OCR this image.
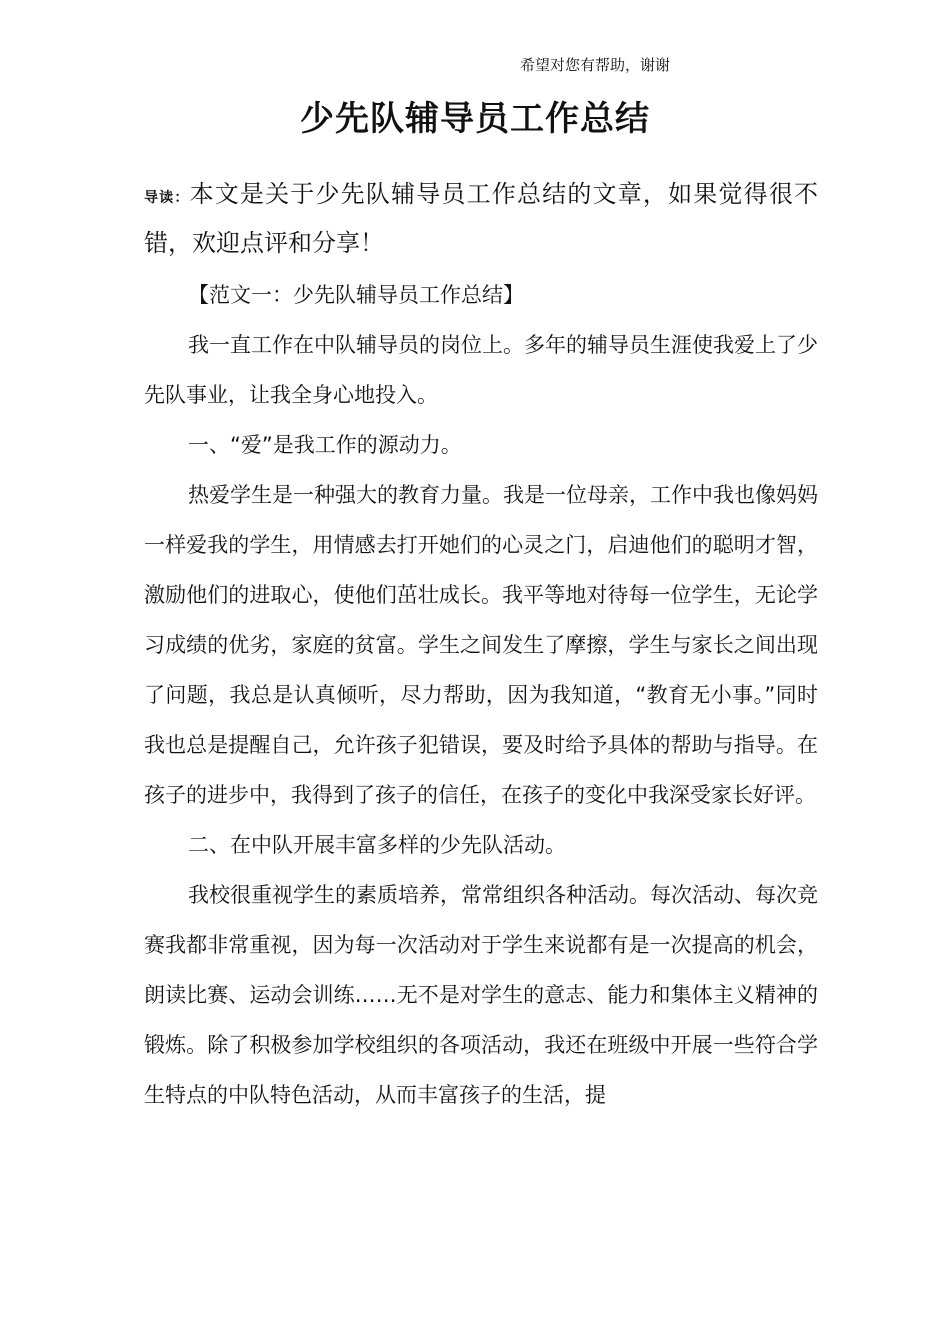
希望对您有帮助，谢谢
少先队辅导员工作总结

导读：本文是关于少先队辅导员工作总结的文章，如果觉得很不错，欢迎点评和分享！

【范文一：少先队辅导员工作总结】

我一直工作在中队辅导员的岗位上。多年的辅导员生涯使我爱上了少先队事业，让我全身心地投入。

一、“爱”是我工作的源动力。

热爱学生是一种强大的教育力量。我是一位母亲，工作中我也像妈妈一样爱我的学生，用情感去打开她们的心灵之门，启迪他们的聪明才智，激励他们的进取心，使他们茁壮成长。我平等地对待每一位学生，无论学习成绩的优劣，家庭的贫富。学生之间发生了摩擦，学生与家长之间出现了问题，我总是认真倾听，尽力帮助，因为我知道，“教育无小事。”同时我也总是提醒自己，允许孩子犯错误，要及时给予具体的帮助与指导。在孩子的进步中，我得到了孩子的信任，在孩子的变化中我深受家长好评。

二、在中队开展丰富多样的少先队活动。

我校很重视学生的素质培养，常常组织各种活动。每次活动、每次竞赛我都非常重视，因为每一次活动对于学生来说都有是一次提高的机会，朗读比赛、运动会训练……无不是对学生的意志、能力和集体主义精神的锻炼。除了积极参加学校组织的各项活动，我还在班级中开展一些符合学生特点的中队特色活动，从而丰富孩子的生活，提
